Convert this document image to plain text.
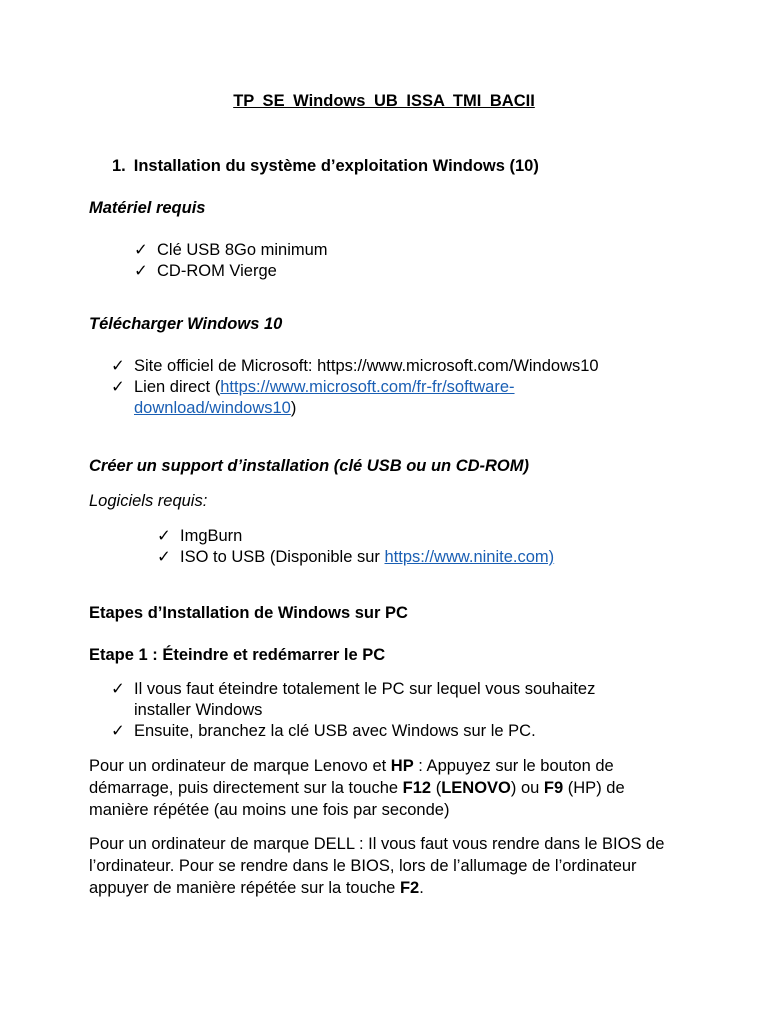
TP SE Windows UB ISSA TMI BACII
1. Installation du système d’exploitation Windows (10)
Matériel requis
✓ Clé USB 8Go minimum
✓ CD-ROM Vierge
Télécharger Windows 10
✓ Site officiel de Microsoft: https://www.microsoft.com/Windows10
✓ Lien direct (https://www.microsoft.com/fr-fr/software-
download/windows10)
Créer un support d’installation (clé USB ou un CD-ROM)
Logiciels requis:
✓ ImgBurn
✓ ISO to USB (Disponible sur https://www.ninite.com)
Etapes d’Installation de Windows sur PC
Etape 1 : Éteindre et redémarrer le PC
✓ Il vous faut éteindre totalement le PC sur lequel vous souhaitez
installer Windows
✓ Ensuite, branchez la clé USB avec Windows sur le PC.
Pour un ordinateur de marque Lenovo et HP : Appuyez sur le bouton de démarrage, puis directement sur la touche F12 (LENOVO) ou F9 (HP) de manière répétée (au moins une fois par seconde)
Pour un ordinateur de marque DELL : Il vous faut vous rendre dans le BIOS de l’ordinateur. Pour se rendre dans le BIOS, lors de l’allumage de l’ordinateur appuyer de manière répétée sur la touche F2.
